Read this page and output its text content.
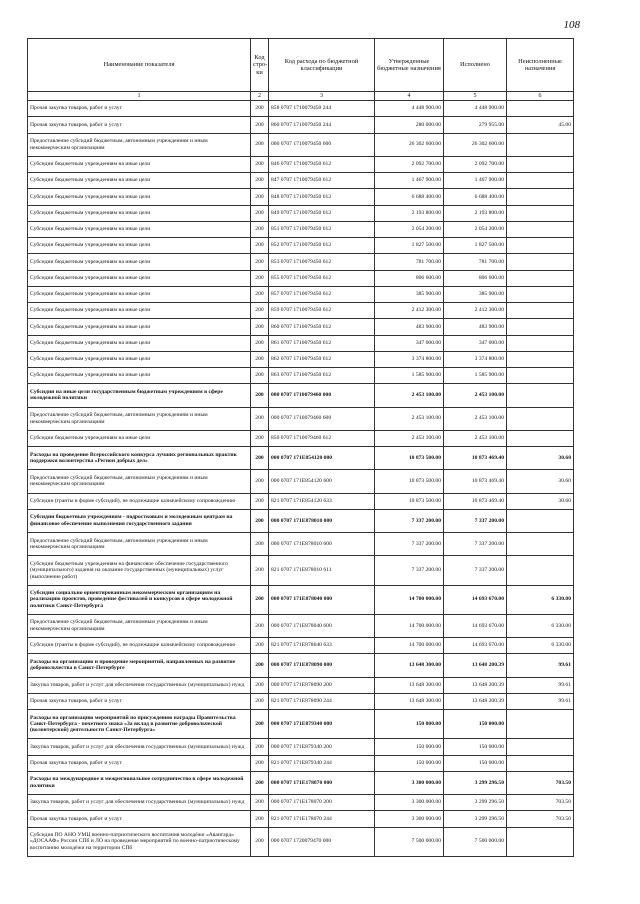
108
Наименование показателя	Код стро-ки	Код расхода по бюджетной классификации	Утвержденные бюджетные назначения	Исполнено	Неисполненные назначения
1	2	3	4	5	6
Прочая закупка товаров, работ и услуг	200	858 0707 1710079450 244	4 448 900.00	4 448 900.00	
Прочая закупка товаров, работ и услуг	200	860 0707 1710079450 244	280 000.00	279 955.00	45.00
Предоставление субсидий бюджетным, автономным учреждениям и иным некоммерческим организациям	200	000 0707 1710079450 600	26 302 600.00	26 302 600.00	
Субсидии бюджетным учреждениям на иные цели	200	846 0707 1710079450 612	2 092 700.00	2 092 700.00	
Субсидии бюджетным учреждениям на иные цели	200	847 0707 1710079450 612	1 467 900.00	1 467 900.00	
Субсидии бюджетным учреждениям на иные цели	200	848 0707 1710079450 612	6 688 400.00	6 688 400.00	
Субсидии бюджетным учреждениям на иные цели	200	849 0707 1710079450 612	2 193 800.00	2 193 800.00	
Субсидии бюджетным учреждениям на иные цели	200	851 0707 1710079450 612	2 054 200.00	2 054 200.00	
Субсидии бюджетным учреждениям на иные цели	200	852 0707 1710079450 612	1 827 500.00	1 827 500.00	
Субсидии бюджетным учреждениям на иные цели	200	853 0707 1710079450 612	781 700.00	781 700.00	
Субсидии бюджетным учреждениям на иные цели	200	855 0707 1710079450 612	806 600.00	806 600.00	
Субсидии бюджетным учреждениям на иные цели	200	857 0707 1710079450 612	385 900.00	385 900.00	
Субсидии бюджетным учреждениям на иные цели	200	859 0707 1710079450 612	2 412 300.00	2 412 300.00	
Субсидии бюджетным учреждениям на иные цели	200	860 0707 1710079450 612	483 900.00	483 900.00	
Субсидии бюджетным учреждениям на иные цели	200	861 0707 1710079450 612	347 000.00	347 000.00	
Субсидии бюджетным учреждениям на иные цели	200	862 0707 1710079450 612	3 374 800.00	3 374 800.00	
Субсидии бюджетным учреждениям на иные цели	200	863 0707 1710079450 612	1 585 900.00	1 585 900.00	
Субсидии на иные цели государственным бюджетным учреждениям в сфере молодежной политики	200	000 0707 1710079460 000	2 453 100.00	2 453 100.00	
Предоставление субсидий бюджетным, автономным учреждениям и иным некоммерческим организациям	200	000 0707 1710079460 600	2 453 100.00	2 453 100.00	
Субсидии бюджетным учреждениям на иные цели	200	850 0707 1710079460 612	2 453 100.00	2 453 100.00	
Расходы на проведение Всероссийского конкурса лучших региональных практик поддержки волонтерства «Регион добрых дел»	200	000 0707 171E854120 000	10 873 500.00	10 873 469.40	30.60
Предоставление субсидий бюджетным, автономным учреждениям и иным некоммерческим организациям	200	000 0707 171E854120 600	10 873 500.00	10 873 469.40	30.60
Субсидии (гранты в форме субсидий), не подлежащие казначейскому сопровождению	200	821 0707 171E854120 633	10 873 500.00	10 873 469.40	30.60
Субсидии бюджетным учреждениям - подростковым и молодежным центрам на финансовое обеспечение выполнения государственного задания	200	000 0707 171E878010 000	7 337 200.00	7 337 200.00	
Предоставление субсидий бюджетным, автономным учреждениям и иным некоммерческим организациям	200	000 0707 171E878010 600	7 337 200.00	7 337 200.00	
Субсидии бюджетным учреждениям на финансовое обеспечение государственного (муниципального) задания на оказание государственных (муниципальных) услуг (выполнение работ)	200	821 0707 171E878010 611	7 337 200.00	7 337 200.00	
Субсидии социально ориентированным некоммерческим организациям на реализацию проектов, проведение фестивалей и конкурсов в сфере молодежной политики Санкт-Петербурга	200	000 0707 171E878040 000	14 700 000.00	14 693 670.00	6 330.00
Предоставление субсидий бюджетным, автономным учреждениям и иным некоммерческим организациям	200	000 0707 171E878040 600	14 700 000.00	14 693 670.00	6 330.00
Субсидии (гранты в форме субсидий), не подлежащие казначейскому сопровождению	200	821 0707 171E878040 633	14 700 000.00	14 693 670.00	6 330.00
Расходы на организацию и проведение мероприятий, направленных на развитие добровольчества в Санкт-Петербурге	200	000 0707 171E878090 000	13 648 300.00	13 648 200.39	99.61
Закупка товаров, работ и услуг для обеспечения государственных (муниципальных) нужд	200	000 0707 171E878090 200	13 648 300.00	13 648 200.39	99.61
Прочая закупка товаров, работ и услуг	200	821 0707 171E878090 244	13 648 300.00	13 648 200.39	99.61
Расходы на организацию мероприятий по присуждению награды Правительства Санкт-Петербурга - почетного знака «За вклад в развитие добровольческой (волонтерской) деятельности Санкт-Петербурга»	200	000 0707 171E879340 000	150 000.00	150 000.00	
Закупка товаров, работ и услуг для обеспечения государственных (муниципальных) нужд	200	000 0707 171E879340 200	150 000.00	150 000.00	
Прочая закупка товаров, работ и услуг	200	821 0707 171E879340 244	150 000.00	150 000.00	
Расходы на международное и межрегиональное сотрудничество в сфере молодежной политики	200	000 0707 171Е178070 000	3 300 000.00	3 299 296.50	703.50
Закупка товаров, работ и услуг для обеспечения государственных (муниципальных) нужд	200	000 0707 171Е178070 200	3 300 000.00	3 299 296.50	703.50
Прочая закупка товаров, работ и услуг	200	821 0707 171Е178070 244	3 300 000.00	3 299 296.50	703.50
Субсидия ПО АНО УМЦ военно-патриотического воспитания молодёжи «Авангард» «ДОСААФ» России СПб и ЛО на проведение мероприятий по военно-патриотическому воспитанию молодёжи на территории СПб	200	000 0707 1720079470 000	7 500 000.00	7 500 000.00	
